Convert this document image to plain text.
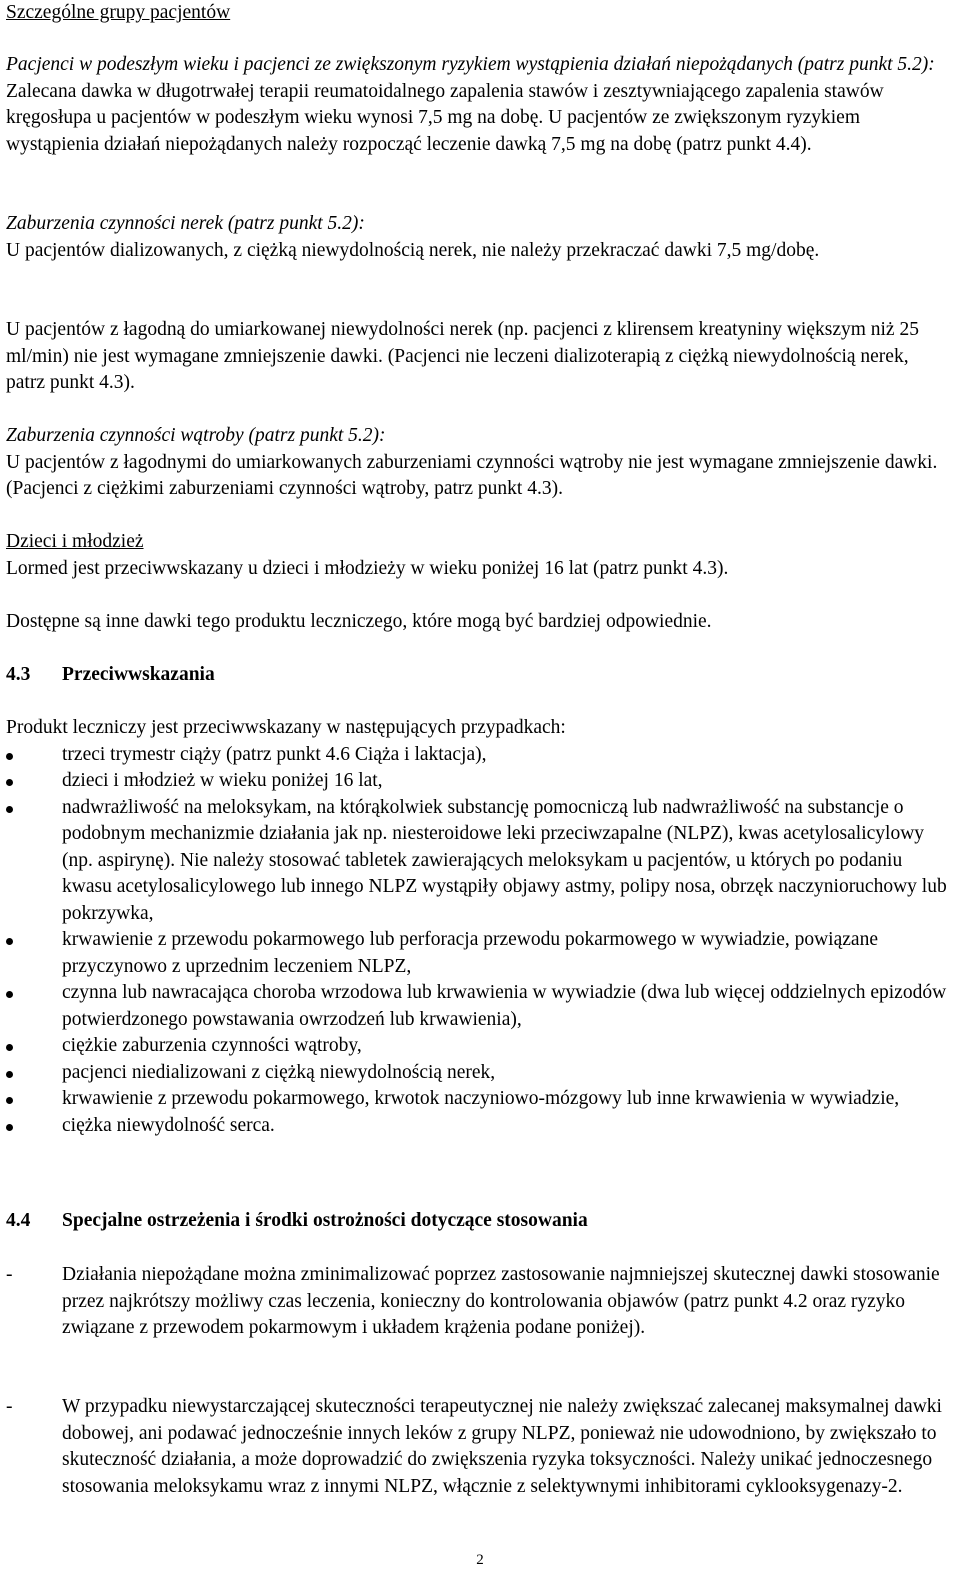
Szczególne grupy pacjentów

Pacjenci w podeszłym wieku i pacjenci ze zwiększonym ryzykiem wystąpienia działań niepożądanych (patrz punkt 5.2): Zalecana dawka w długotrwałej terapii reumatoidalnego zapalenia stawów i zesztywniającego zapalenia stawów kręgosłupa u pacjentów w podeszłym wieku wynosi 7,5 mg na dobę. U pacjentów ze zwiększonym ryzykiem wystąpienia działań niepożądanych należy rozpocząć leczenie dawką 7,5 mg na dobę (patrz punkt 4.4).

Zaburzenia czynności nerek (patrz punkt 5.2):

U pacjentów dializowanych, z ciężką niewydolnością nerek, nie należy przekraczać dawki 7,5 mg/dobę.

U pacjentów z łagodną do umiarkowanej niewydolności nerek (np. pacjenci z klirensem kreatyniny większym niż 25 ml/min) nie jest wymagane zmniejszenie dawki. (Pacjenci nie leczeni dializoterapią z ciężką niewydolnością nerek, patrz punkt 4.3).

Zaburzenia czynności wątroby (patrz punkt 5.2):

U pacjentów z łagodnymi do umiarkowanych zaburzeniami czynności wątroby nie jest wymagane zmniejszenie dawki. (Pacjenci z ciężkimi zaburzeniami czynności wątroby, patrz punkt 4.3).

Dzieci i młodzież

Lormed jest przeciwwskazany u dzieci i młodzieży w wieku poniżej 16 lat (patrz punkt 4.3).

Dostępne są inne dawki tego produktu leczniczego, które mogą być bardziej odpowiednie.

4.3 Przeciwwskazania

Produkt leczniczy jest przeciwwskazany w następujących przypadkach:

trzeci trymestr ciąży (patrz punkt 4.6 Ciąża i laktacja),
dzieci i młodzież w wieku poniżej 16 lat,
nadwrażliwość na meloksykam, na którąkolwiek substancję pomocniczą lub nadwrażliwość na substancje o podobnym mechanizmie działania jak np. niesteroidowe leki przeciwzapalne (NLPZ), kwas acetylosalicylowy (np. aspirynę). Nie należy stosować tabletek zawierających meloksykam u pacjentów, u których po podaniu kwasu acetylosalicylowego lub innego NLPZ wystąpiły objawy astmy, polipy nosa, obrzęk naczynioruchowy lub pokrzywka,
krwawienie z przewodu pokarmowego lub perforacja przewodu pokarmowego w wywiadzie, powiązane przyczynowo z uprzednim leczeniem NLPZ,
czynna lub nawracająca choroba wrzodowa lub krwawienia w wywiadzie (dwa lub więcej oddzielnych epizodów potwierdzonego powstawania owrzodzeń lub krwawienia),
ciężkie zaburzenia czynności wątroby,
pacjenci niedializowani z ciężką niewydolnością nerek,
krwawienie z przewodu pokarmowego, krwotok naczyniowo-mózgowy lub inne krwawienia w wywiadzie,
ciężka niewydolność serca.
4.4 Specjalne ostrzeżenia i środki ostrożności dotyczące stosowania
-	Działania niepożądane można zminimalizować poprzez zastosowanie najmniejszej skutecznej dawki stosowanie przez najkrótszy możliwy czas leczenia, konieczny do kontrolowania objawów (patrz punkt 4.2 oraz ryzyko związane z przewodem pokarmowym i układem krążenia podane poniżej).
-	W przypadku niewystarczającej skuteczności terapeutycznej nie należy zwiększać zalecanej maksymalnej dawki dobowej, ani podawać jednocześnie innych leków z grupy NLPZ, ponieważ nie udowodniono, by zwiększało to skuteczność działania, a może doprowadzić do zwiększenia ryzyka toksyczności. Należy unikać jednoczesnego stosowania meloksykamu wraz z innymi NLPZ, włącznie z selektywnymi inhibitorami cyklooksygenazy-2.
2
